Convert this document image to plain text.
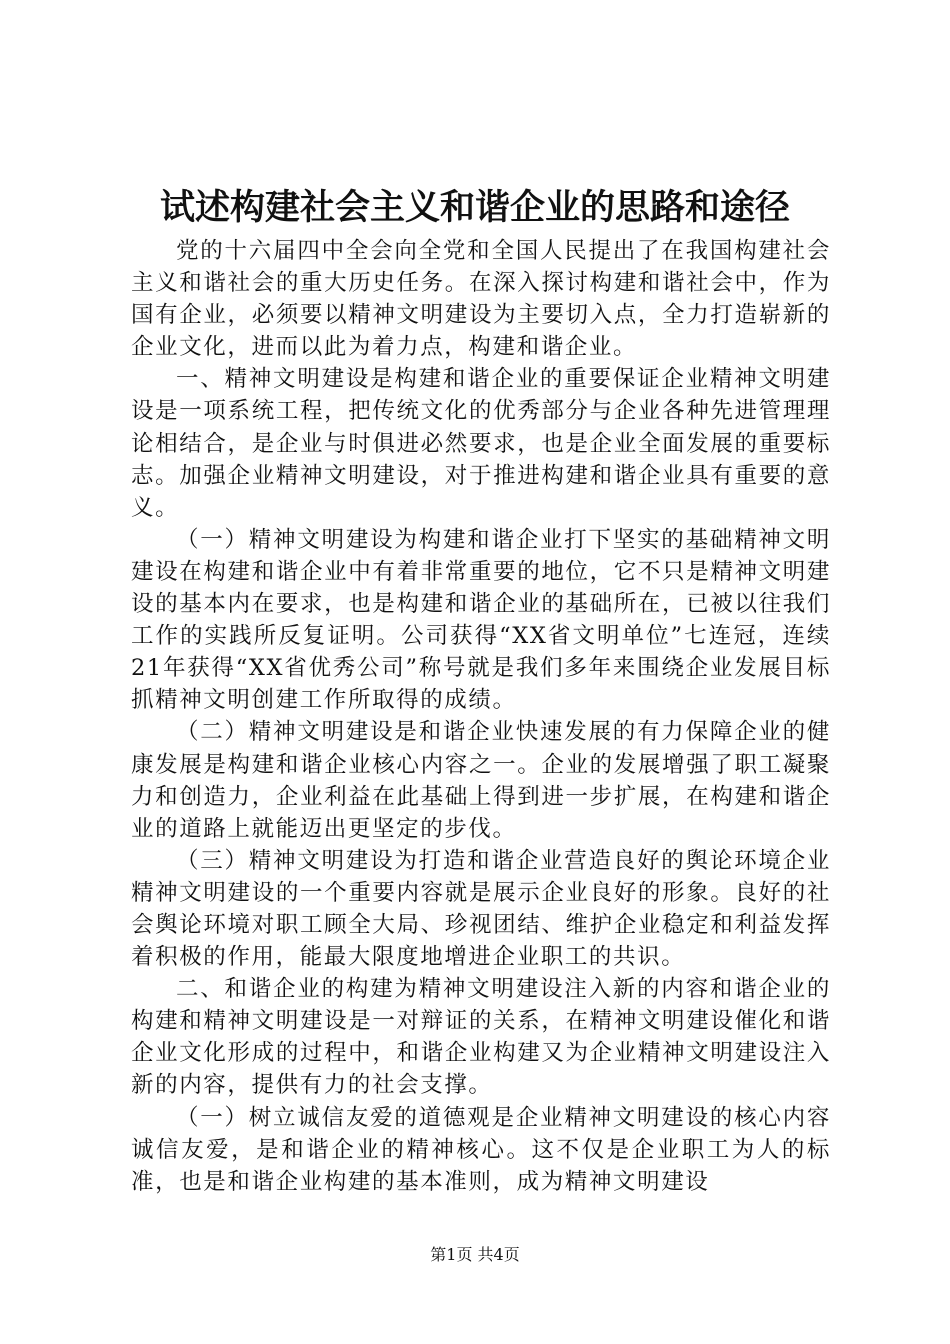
试述构建社会主义和谐企业的思路和途径

党的十六届四中全会向全党和全国人民提出了在我国构建社会主义和谐社会的重大历史任务。在深入探讨构建和谐社会中，作为国有企业，必须要以精神文明建设为主要切入点，全力打造崭新的企业文化，进而以此为着力点，构建和谐企业。

一、精神文明建设是构建和谐企业的重要保证企业精神文明建设是一项系统工程，把传统文化的优秀部分与企业各种先进管理理论相结合，是企业与时俱进必然要求，也是企业全面发展的重要标志。加强企业精神文明建设，对于推进构建和谐企业具有重要的意义。

（一）精神文明建设为构建和谐企业打下坚实的基础精神文明建设在构建和谐企业中有着非常重要的地位，它不只是精神文明建设的基本内在要求，也是构建和谐企业的基础所在，已被以往我们工作的实践所反复证明。公司获得“XX省文明单位”七连冠，连续21年获得“XX省优秀公司”称号就是我们多年来围绕企业发展目标抓精神文明创建工作所取得的成绩。

（二）精神文明建设是和谐企业快速发展的有力保障企业的健康发展是构建和谐企业核心内容之一。企业的发展增强了职工凝聚力和创造力，企业利益在此基础上得到进一步扩展，在构建和谐企业的道路上就能迈出更坚定的步伐。

（三）精神文明建设为打造和谐企业营造良好的舆论环境企业精神文明建设的一个重要内容就是展示企业良好的形象。良好的社会舆论环境对职工顾全大局、珍视团结、维护企业稳定和利益发挥着积极的作用，能最大限度地增进企业职工的共识。

二、和谐企业的构建为精神文明建设注入新的内容和谐企业的构建和精神文明建设是一对辩证的关系，在精神文明建设催化和谐企业文化形成的过程中，和谐企业构建又为企业精神文明建设注入新的内容，提供有力的社会支撑。

（一）树立诚信友爱的道德观是企业精神文明建设的核心内容诚信友爱，是和谐企业的精神核心。这不仅是企业职工为人的标准，也是和谐企业构建的基本准则，成为精神文明建设

第1页 共4页
